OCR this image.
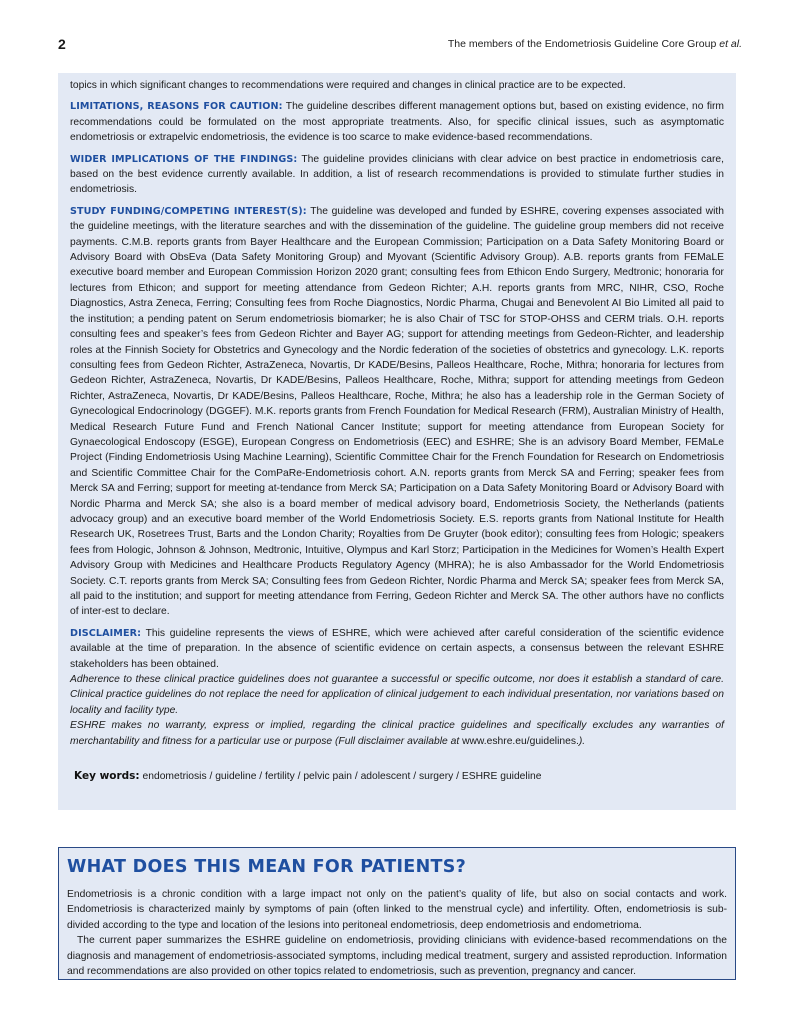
2	The members of the Endometriosis Guideline Core Group et al.

topics in which significant changes to recommendations were required and changes in clinical practice are to be expected.

LIMITATIONS, REASONS FOR CAUTION: The guideline describes different management options but, based on existing evidence, no firm recommendations could be formulated on the most appropriate treatments. Also, for specific clinical issues, such as asymptomatic endometriosis or extrapelvic endometriosis, the evidence is too scarce to make evidence-based recommendations.

WIDER IMPLICATIONS OF THE FINDINGS: The guideline provides clinicians with clear advice on best practice in endometriosis care, based on the best evidence currently available. In addition, a list of research recommendations is provided to stimulate further studies in endometriosis.

STUDY FUNDING/COMPETING INTEREST(S): The guideline was developed and funded by ESHRE, covering expenses associated with the guideline meetings, with the literature searches and with the dissemination of the guideline. The guideline group members did not receive payments. C.M.B. reports grants from Bayer Healthcare and the European Commission; Participation on a Data Safety Monitoring Board or Advisory Board with ObsEva (Data Safety Monitoring Group) and Myovant (Scientific Advisory Group). A.B. reports grants from FEMaLE executive board member and European Commission Horizon 2020 grant; consulting fees from Ethicon Endo Surgery, Medtronic; honoraria for lectures from Ethicon; and support for meeting attendance from Gedeon Richter; A.H. reports grants from MRC, NIHR, CSO, Roche Diagnostics, Astra Zeneca, Ferring; Consulting fees from Roche Diagnostics, Nordic Pharma, Chugai and Benevolent AI Bio Limited all paid to the institution; a pending patent on Serum endometriosis biomarker; he is also Chair of TSC for STOP-OHSS and CERM trials. O.H. reports consulting fees and speaker’s fees from Gedeon Richter and Bayer AG; support for attending meetings from Gedeon-Richter, and leadership roles at the Finnish Society for Obstetrics and Gynecology and the Nordic federation of the societies of obstetrics and gynecology. L.K. reports consulting fees from Gedeon Richter, AstraZeneca, Novartis, Dr KADE/Besins, Palleos Healthcare, Roche, Mithra; honoraria for lectures from Gedeon Richter, AstraZeneca, Novartis, Dr KADE/Besins, Palleos Healthcare, Roche, Mithra; support for attending meetings from Gedeon Richter, AstraZeneca, Novartis, Dr KADE/Besins, Palleos Healthcare, Roche, Mithra; he also has a leadership role in the German Society of Gynecological Endocrinology (DGGEF). M.K. reports grants from French Foundation for Medical Research (FRM), Australian Ministry of Health, Medical Research Future Fund and French National Cancer Institute; support for meeting attendance from European Society for Gynaecological Endoscopy (ESGE), European Congress on Endometriosis (EEC) and ESHRE; She is an advisory Board Member, FEMaLe Project (Finding Endometriosis Using Machine Learning), Scientific Committee Chair for the French Foundation for Research on Endometriosis and Scientific Committee Chair for the ComPaRe-Endometriosis cohort. A.N. reports grants from Merck SA and Ferring; speaker fees from Merck SA and Ferring; support for meeting at-tendance from Merck SA; Participation on a Data Safety Monitoring Board or Advisory Board with Nordic Pharma and Merck SA; she also is a board member of medical advisory board, Endometriosis Society, the Netherlands (patients advocacy group) and an executive board member of the World Endometriosis Society. E.S. reports grants from National Institute for Health Research UK, Rosetrees Trust, Barts and the London Charity; Royalties from De Gruyter (book editor); consulting fees from Hologic; speakers fees from Hologic, Johnson & Johnson, Medtronic, Intuitive, Olympus and Karl Storz; Participation in the Medicines for Women’s Health Expert Advisory Group with Medicines and Healthcare Products Regulatory Agency (MHRA); he is also Ambassador for the World Endometriosis Society. C.T. reports grants from Merck SA; Consulting fees from Gedeon Richter, Nordic Pharma and Merck SA; speaker fees from Merck SA, all paid to the institution; and support for meeting attendance from Ferring, Gedeon Richter and Merck SA. The other authors have no conflicts of inter-est to declare.

DISCLAIMER: This guideline represents the views of ESHRE, which were achieved after careful consideration of the scientific evidence available at the time of preparation. In the absence of scientific evidence on certain aspects, a consensus between the relevant ESHRE stakeholders has been obtained.

Adherence to these clinical practice guidelines does not guarantee a successful or specific outcome, nor does it establish a standard of care. Clinical practice guidelines do not replace the need for application of clinical judgement to each individual presentation, nor variations based on locality and facility type.

ESHRE makes no warranty, express or implied, regarding the clinical practice guidelines and specifically excludes any warranties of merchantability and fitness for a particular use or purpose (Full disclaimer available at www.eshre.eu/guidelines.).

Key words: endometriosis / guideline / fertility / pelvic pain / adolescent / surgery / ESHRE guideline

WHAT DOES THIS MEAN FOR PATIENTS?

Endometriosis is a chronic condition with a large impact not only on the patient’s quality of life, but also on social contacts and work. Endometriosis is characterized mainly by symptoms of pain (often linked to the menstrual cycle) and infertility. Often, endometriosis is sub-divided according to the type and location of the lesions into peritoneal endometriosis, deep endometriosis and endometrioma.

The current paper summarizes the ESHRE guideline on endometriosis, providing clinicians with evidence-based recommendations on the diagnosis and management of endometriosis-associated symptoms, including medical treatment, surgery and assisted reproduction. Information and recommendations are also provided on other topics related to endometriosis, such as prevention, pregnancy and cancer.
